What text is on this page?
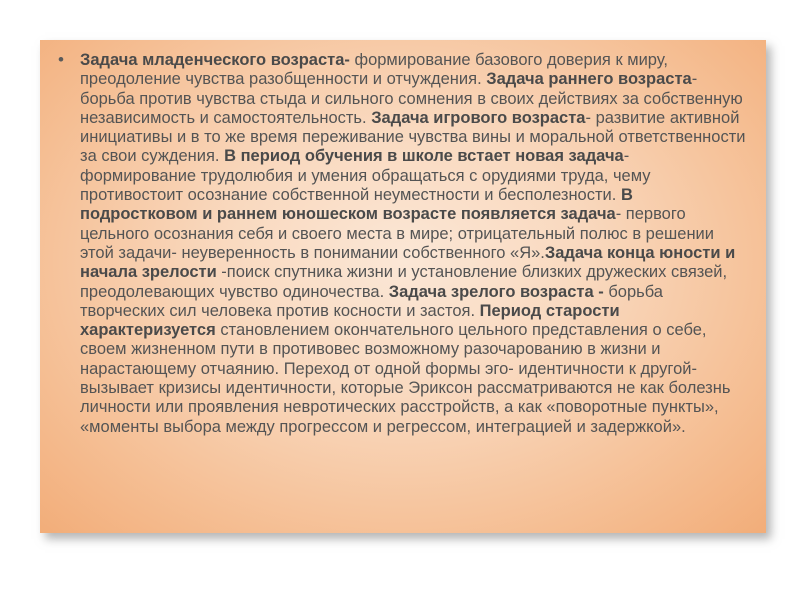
• Задача младенческого возраста- формирование базового доверия к миру, преодоление чувства разобщенности и отчуждения. Задача раннего возраста- борьба против чувства стыда и сильного сомнения в своих действиях за собственную независимость и самостоятельность. Задача игрового возраста- развитие активной инициативы и в то же время переживание чувства вины и моральной ответственности за свои суждения. В период обучения в школе встает новая задача- формирование трудолюбия и умения обращаться с орудиями труда, чему противостоит осознание собственной неуместности и бесполезности. В подростковом и раннем юношеском возрасте появляется задача- первого цельного осознания себя и своего места в мире; отрицательный полюс в решении этой задачи- неуверенность в понимании собственного «Я».Задача конца юности и начала зрелости -поиск спутника жизни и установление близких дружеских связей, преодолевающих чувство одиночества. Задача зрелого возраста - борьба творческих сил человека против косности и застоя. Период старости характеризуется становлением окончательного цельного представления о себе, своем жизненном пути в противовес возможному разочарованию в жизни и нарастающему отчаянию. Переход от одной формы эго- идентичности к другой- вызывает кризисы идентичности, которые Эриксон рассматриваются не как болезнь личности или проявления невротических расстройств, а как «поворотные пункты», «моменты выбора между прогрессом и регрессом, интеграцией и задержкой».
